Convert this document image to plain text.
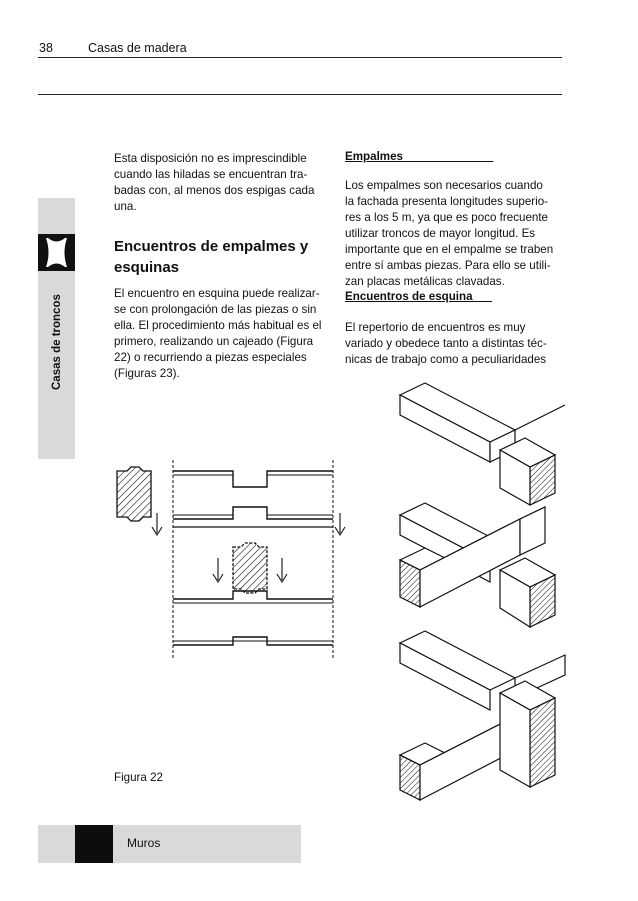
38	Casas de madera
Casas de troncos

Esta disposición no es imprescindible
cuando las hiladas se encuentran tra-
badas con, al menos dos espigas cada
una.

Encuentros de empalmes y
esquinas

El encuentro en esquina puede realizar-
se con prolongación de las piezas o sin
ella. El procedimiento más habitual es el
primero, realizando un cajeado (Figura
22) o recurriendo a piezas especiales
(Figuras 23).

Empalmes______________

Los empalmes son necesarios cuando
la fachada presenta longitudes superio-
res a los 5 m, ya que es poco frecuente
utilizar troncos de mayor longitud. Es
importante que en el empalme se traben
entre sí ambas piezas. Para ello se utili-
zan placas metálicas clavadas.

Encuentros de esquina___

El repertorio de encuentros es muy
variado y obedece tanto a distintas téc-
nicas de trabajo como a peculiaridades

Figura 22
Muros
